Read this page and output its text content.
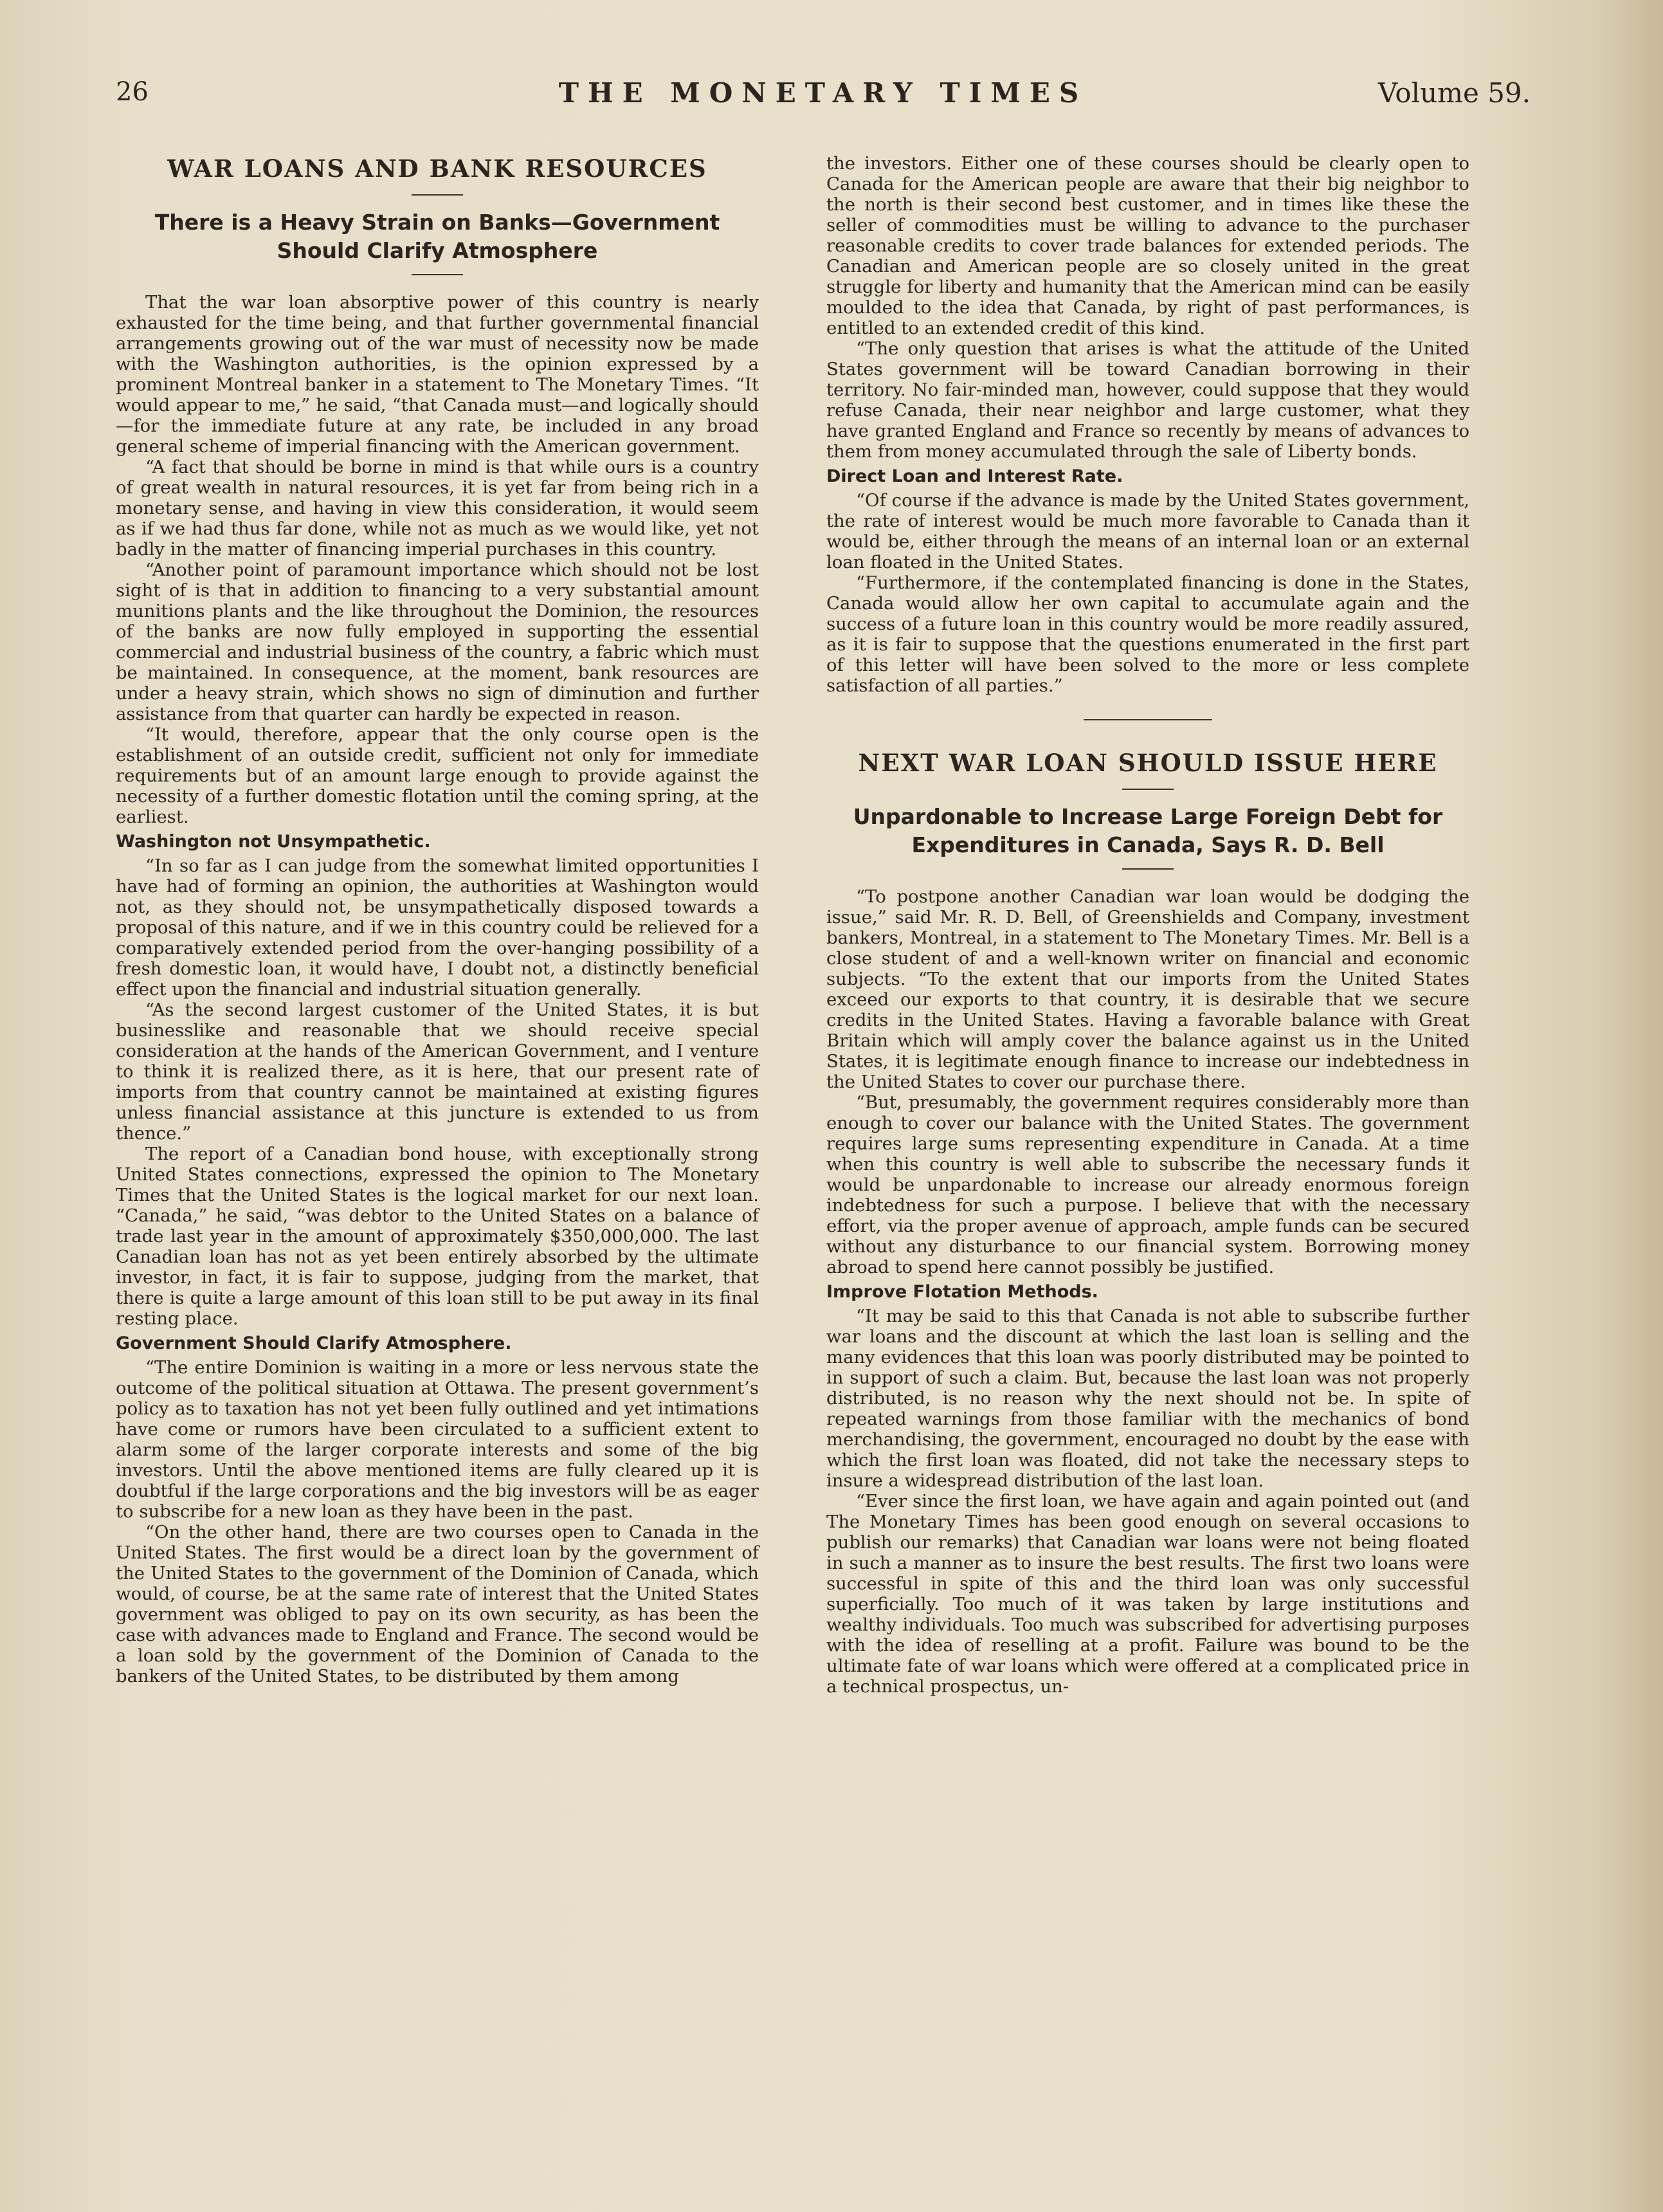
26	THE MONETARY TIMES	Volume 59.
WAR LOANS AND BANK RESOURCES
There is a Heavy Strain on Banks—Government Should Clarify Atmosphere

That the war loan absorptive power of this country is nearly exhausted for the time being, and that further governmental financial arrangements growing out of the war must of necessity now be made with the Washington authorities, is the opinion expressed by a prominent Montreal banker in a statement to The Monetary Times. “It would appear to me,” he said, “that Canada must—and logically should—for the immediate future at any rate, be included in any broad general scheme of imperial financing with the American government.

“A fact that should be borne in mind is that while ours is a country of great wealth in natural resources, it is yet far from being rich in a monetary sense, and having in view this consideration, it would seem as if we had thus far done, while not as much as we would like, yet not badly in the matter of financing imperial purchases in this country.

“Another point of paramount importance which should not be lost sight of is that in addition to financing to a very substantial amount munitions plants and the like throughout the Dominion, the resources of the banks are now fully employed in supporting the essential commercial and industrial business of the country, a fabric which must be maintained. In consequence, at the moment, bank resources are under a heavy strain, which shows no sign of diminution and further assistance from that quarter can hardly be expected in reason.

“It would, therefore, appear that the only course open is the establishment of an outside credit, sufficient not only for immediate requirements but of an amount large enough to provide against the necessity of a further domestic flotation until the coming spring, at the earliest.

Washington not Unsympathetic.

“In so far as I can judge from the somewhat limited opportunities I have had of forming an opinion, the authorities at Washington would not, as they should not, be unsympathetically disposed towards a proposal of this nature, and if we in this country could be relieved for a comparatively extended period from the over-hanging possibility of a fresh domestic loan, it would have, I doubt not, a distinctly beneficial effect upon the financial and industrial situation generally.

“As the second largest customer of the United States, it is but businesslike and reasonable that we should receive special consideration at the hands of the American Government, and I venture to think it is realized there, as it is here, that our present rate of imports from that country cannot be maintained at existing figures unless financial assistance at this juncture is extended to us from thence.”

The report of a Canadian bond house, with exceptionally strong United States connections, expressed the opinion to The Monetary Times that the United States is the logical market for our next loan. “Canada,” he said, “was debtor to the United States on a balance of trade last year in the amount of approximately $350,000,000. The last Canadian loan has not as yet been entirely absorbed by the ultimate investor, in fact, it is fair to suppose, judging from the market, that there is quite a large amount of this loan still to be put away in its final resting place.

Government Should Clarify Atmosphere.

“The entire Dominion is waiting in a more or less nervous state the outcome of the political situation at Ottawa. The present government’s policy as to taxation has not yet been fully outlined and yet intimations have come or rumors have been circulated to a sufficient extent to alarm some of the larger corporate interests and some of the big investors. Until the above mentioned items are fully cleared up it is doubtful if the large corporations and the big investors will be as eager to subscribe for a new loan as they have been in the past.

“On the other hand, there are two courses open to Canada in the United States. The first would be a direct loan by the government of the United States to the government of the Dominion of Canada, which would, of course, be at the same rate of interest that the United States government was obliged to pay on its own security, as has been the case with advances made to England and France. The second would be a loan sold by the government of the Dominion of Canada to the bankers of the United States, to be distributed by them among

the investors. Either one of these courses should be clearly open to Canada for the American people are aware that their big neighbor to the north is their second best customer, and in times like these the seller of commodities must be willing to advance to the purchaser reasonable credits to cover trade balances for extended periods. The Canadian and American people are so closely united in the great struggle for liberty and humanity that the American mind can be easily moulded to the idea that Canada, by right of past performances, is entitled to an extended credit of this kind.

“The only question that arises is what the attitude of the United States government will be toward Canadian borrowing in their territory. No fair-minded man, however, could suppose that they would refuse Canada, their near neighbor and large customer, what they have granted England and France so recently by means of advances to them from money accumulated through the sale of Liberty bonds.

Direct Loan and Interest Rate.

“Of course if the advance is made by the United States government, the rate of interest would be much more favorable to Canada than it would be, either through the means of an internal loan or an external loan floated in the United States.

“Furthermore, if the contemplated financing is done in the States, Canada would allow her own capital to accumulate again and the success of a future loan in this country would be more readily assured, as it is fair to suppose that the questions enumerated in the first part of this letter will have been solved to the more or less complete satisfaction of all parties.”

NEXT WAR LOAN SHOULD ISSUE HERE
Unpardonable to Increase Large Foreign Debt for Expenditures in Canada, Says R. D. Bell

“To postpone another Canadian war loan would be dodging the issue,” said Mr. R. D. Bell, of Greenshields and Company, investment bankers, Montreal, in a statement to The Monetary Times. Mr. Bell is a close student of and a well-known writer on financial and economic subjects. “To the extent that our imports from the United States exceed our exports to that country, it is desirable that we secure credits in the United States. Having a favorable balance with Great Britain which will amply cover the balance against us in the United States, it is legitimate enough finance to increase our indebtedness in the United States to cover our purchase there.

“But, presumably, the government requires considerably more than enough to cover our balance with the United States. The government requires large sums representing expenditure in Canada. At a time when this country is well able to subscribe the necessary funds it would be unpardonable to increase our already enormous foreign indebtedness for such a purpose. I believe that with the necessary effort, via the proper avenue of approach, ample funds can be secured without any disturbance to our financial system. Borrowing money abroad to spend here cannot possibly be justified.

Improve Flotation Methods.

“It may be said to this that Canada is not able to subscribe further war loans and the discount at which the last loan is selling and the many evidences that this loan was poorly distributed may be pointed to in support of such a claim. But, because the last loan was not properly distributed, is no reason why the next should not be. In spite of repeated warnings from those familiar with the mechanics of bond merchandising, the government, encouraged no doubt by the ease with which the first loan was floated, did not take the necessary steps to insure a widespread distribution of the last loan.

“Ever since the first loan, we have again and again pointed out (and The Monetary Times has been good enough on several occasions to publish our remarks) that Canadian war loans were not being floated in such a manner as to insure the best results. The first two loans were successful in spite of this and the third loan was only successful superficially. Too much of it was taken by large institutions and wealthy individuals. Too much was subscribed for advertising purposes with the idea of reselling at a profit. Failure was bound to be the ultimate fate of war loans which were offered at a complicated price in a technical prospectus, un-
